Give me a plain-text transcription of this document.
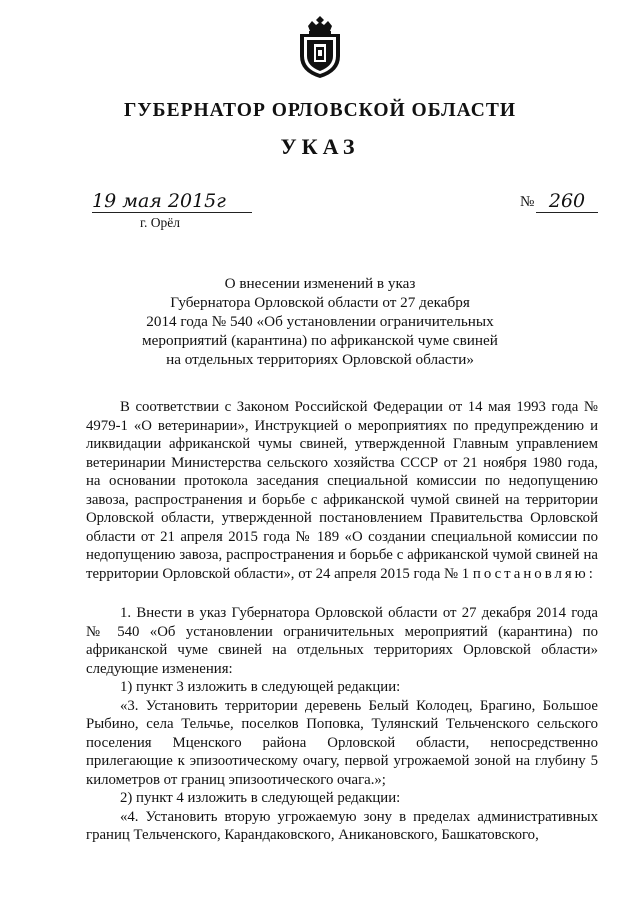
ГУБЕРНАТОР ОРЛОВСКОЙ ОБЛАСТИ
УКАЗ
19 мая 2015г
г. Орёл
№ 260
О внесении изменений в указ
Губернатора Орловской области от 27 декабря
2014 года № 540 «Об установлении ограничительных
мероприятий (карантина) по африканской чуме свиней
на отдельных территориях Орловской области»

В соответствии с Законом Российской Федерации от 14 мая 1993 года № 4979-1 «О ветеринарии», Инструкцией о мероприятиях по предупреждению и ликвидации африканской чумы свиней, утвержденной Главным управлением ветеринарии Министерства сельского хозяйства СССР от 21 ноября 1980 года, на основании протокола заседания специальной комиссии по недопущению завоза, распространения и борьбе с африканской чумой свиней на территории Орловской области, утвержденной постановлением Правительства Орловской области от 21 апреля 2015 года № 189 «О создании специальной комиссии по недопущению завоза, распространения и борьбе с африканской чумой свиней на территории Орловской области», от 24 апреля 2015 года № 1 постановляю:

1. Внести в указ Губернатора Орловской области от 27 декабря 2014 года № 540 «Об установлении ограничительных мероприятий (карантина) по африканской чуме свиней на отдельных территориях Орловской области» следующие изменения:

1) пункт 3 изложить в следующей редакции:

«3. Установить территории деревень Белый Колодец, Брагино, Большое Рыбино, села Тельчье, поселков Поповка, Тулянский Тельченского сельского поселения Мценского района Орловской области, непосредственно прилегающие к эпизоотическому очагу, первой угрожаемой зоной на глубину 5 километров от границ эпизоотического очага.»;

2) пункт 4 изложить в следующей редакции:

«4. Установить вторую угрожаемую зону в пределах административных границ Тельченского, Карандаковского, Аникановского, Башкатовского,
